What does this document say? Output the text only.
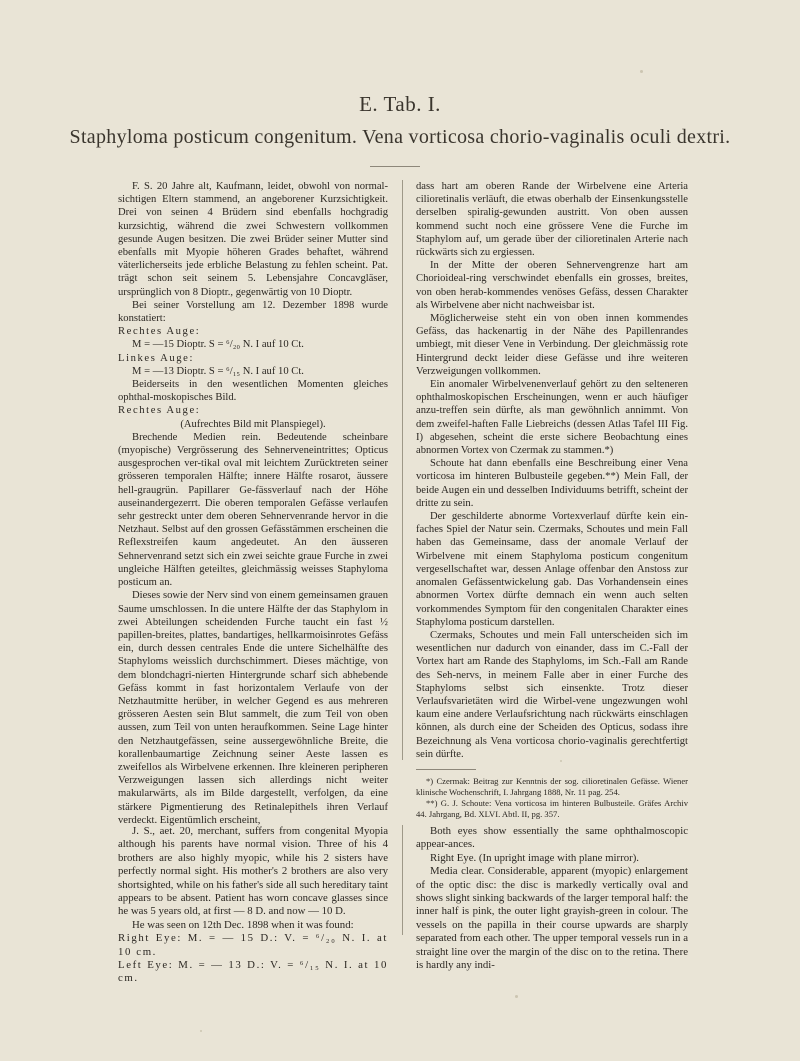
E. Tab. I.
Staphyloma posticum congenitum. Vena vorticosa chorio-vaginalis oculi dextri.

F. S. 20 Jahre alt, Kaufmann, leidet, obwohl von normal-sichtigen Eltern stammend, an angeborener Kurzsichtigkeit. Drei von seinen 4 Brüdern sind ebenfalls hochgradig kurzsichtig, während die zwei Schwestern vollkommen gesunde Augen besitzen. Die zwei Brüder seiner Mutter sind ebenfalls mit Myopie höheren Grades behaftet, während väterlicherseits jede erbliche Belastung zu fehlen scheint. Pat. trägt schon seit seinem 5. Lebensjahre Concavgläser, ursprünglich von 8 Dioptr., gegenwärtig von 10 Dioptr.

Bei seiner Vorstellung am 12. Dezember 1898 wurde konstatiert:

Rechtes Auge:

M = —15 Dioptr. S = ⁶/₂₀ N. I auf 10 Ct.

Linkes Auge:

M = —13 Dioptr. S = ⁶/₁₅ N. I auf 10 Ct.

Beiderseits in den wesentlichen Momenten gleiches ophthal-moskopisches Bild.

Rechtes Auge:

(Aufrechtes Bild mit Planspiegel).

Brechende Medien rein. Bedeutende scheinbare (myopische) Vergrösserung des Sehnerveneintrittes; Opticus ausgesprochen ver-tikal oval mit leichtem Zurücktreten seiner grösseren temporalen Hälfte; innere Hälfte rosarot, äussere hell-graugrün. Papillarer Ge-fässverlauf nach der Höhe auseinandergezerrt. Die oberen temporalen Gefässe verlaufen sehr gestreckt unter dem oberen Sehnervenrande hervor in die Netzhaut. Selbst auf den grossen Gefässtämmen erscheinen die Reflexstreifen kaum angedeutet. An den äusseren Sehnervenrand setzt sich ein zwei seichte graue Furche in zwei ungleiche Hälften geteiltes, gleichmässig weisses Staphyloma posticum an.

Dieses sowie der Nerv sind von einem gemeinsamen grauen Saume umschlossen. In die untere Hälfte der das Staphylom in zwei Abteilungen scheidenden Furche taucht ein fast ½ papillen-breites, plattes, bandartiges, hellkarmoisinrotes Gefäss ein, durch dessen centrales Ende die untere Sichelhälfte des Staphyloms weisslich durchschimmert. Dieses mächtige, von dem blondchagri-nierten Hintergrunde scharf sich abhebende Gefäss kommt in fast horizontalem Verlaufe von der Netzhautmitte herüber, in welcher Gegend es aus mehreren grösseren Aesten sein Blut sammelt, die zum Teil von oben aussen, zum Teil von unten heraufkommen. Seine Lage hinter den Netzhautgefässen, seine aussergewöhnliche Breite, die korallenbaumartige Zeichnung seiner Aeste lassen es zweifellos als Wirbelvene erkennen. Ihre kleineren peripheren Verzweigungen lassen sich allerdings nicht weiter makularwärts, als im Bilde dargestellt, verfolgen, da eine stärkere Pigmentierung des Retinalepithels ihren Verlauf verdeckt. Eigentümlich erscheint,

dass hart am oberen Rande der Wirbelvene eine Arteria cilioretinalis verläuft, die etwas oberhalb der Einsenkungsstelle derselben spiralig-gewunden austritt. Von oben aussen kommend sucht noch eine grössere Vene die Furche im Staphylom auf, um gerade über der cilioretinalen Arterie nach rückwärts sich zu ergiessen.

In der Mitte der oberen Sehnervengrenze hart am Chorioideal-ring verschwindet ebenfalls ein grosses, breites, von oben herab-kommendes venöses Gefäss, dessen Charakter als Wirbelvene aber nicht nachweisbar ist.

Möglicherweise steht ein von oben innen kommendes Gefäss, das hackenartig in der Nähe des Papillenrandes umbiegt, mit dieser Vene in Verbindung. Der gleichmässig rote Hintergrund deckt leider diese Gefässe und ihre weiteren Verzweigungen vollkommen.

Ein anomaler Wirbelvenenverlauf gehört zu den selteneren ophthalmoskopischen Erscheinungen, wenn er auch häufiger anzu-treffen sein dürfte, als man gewöhnlich annimmt. Von dem zweifel-haften Falle Liebreichs (dessen Atlas Tafel III Fig. I) abgesehen, scheint die erste sichere Beobachtung eines abnormen Vortex von Czermak zu stammen.*)

Schoute hat dann ebenfalls eine Beschreibung einer Vena vorticosa im hinteren Bulbusteile gegeben.**) Mein Fall, der beide Augen ein und desselben Individuums betrifft, scheint der dritte zu sein.

Der geschilderte abnorme Vortexverlauf dürfte kein ein-faches Spiel der Natur sein. Czermaks, Schoutes und mein Fall haben das Gemeinsame, dass der anomale Verlauf der Wirbelvene mit einem Staphyloma posticum congenitum vergesellschaftet war, dessen Anlage offenbar den Anstoss zur anomalen Gefässentwickelung gab. Das Vorhandensein eines abnormen Vortex dürfte demnach ein wenn auch selten vorkommendes Symptom für den congenitalen Charakter eines Staphyloma posticum darstellen.

Czermaks, Schoutes und mein Fall unterscheiden sich im wesentlichen nur dadurch von einander, dass im C.-Fall der Vortex hart am Rande des Staphyloms, im Sch.-Fall am Rande des Seh-nervs, in meinem Falle aber in einer Furche des Staphyloms selbst sich einsenkte. Trotz dieser Verlaufsvarietäten wird die Wirbel-vene ungezwungen wohl kaum eine andere Verlaufsrichtung nach rückwärts einschlagen können, als durch eine der Scheiden des Opticus, sodass ihre Bezeichnung als Vena vorticosa chorio-vaginalis gerechtfertigt sein dürfte.

*) Czermak: Beitrag zur Kenntnis der sog. cilioretinalen Gefässe. Wiener klinische Wochenschrift, I. Jahrgang 1888, Nr. 11 pag. 254.

**) G. J. Schoute: Vena vorticosa im hinteren Bulbusteile. Gräfes Archiv 44. Jahrgang, Bd. XLVI. Abtl. II, pg. 357.

J. S., aet. 20, merchant, suffers from congenital Myopia although his parents have normal vision. Three of his 4 brothers are also highly myopic, while his 2 sisters have perfectly normal sight. His mother's 2 brothers are also very shortsighted, while on his father's side all such hereditary taint appears to be absent. Patient has worn concave glasses since he was 5 years old, at first — 8 D. and now — 10 D.

He was seen on 12th Dec. 1898 when it was found:

Right Eye: M. = — 15 D.: V. = ⁶/₂₀ N. I. at 10 cm.

Left Eye: M. = — 13 D.: V. = ⁶/₁₅ N. I. at 10 cm.

Both eyes show essentially the same ophthalmoscopic appear-ances.

Right Eye. (In upright image with plane mirror).

Media clear. Considerable, apparent (myopic) enlargement of the optic disc: the disc is markedly vertically oval and shows slight sinking backwards of the larger temporal half: the inner half is pink, the outer light grayish-green in colour. The vessels on the papilla in their course upwards are sharply separated from each other. The upper temporal vessels run in a straight line over the margin of the disc on to the retina. There is hardly any indi-
